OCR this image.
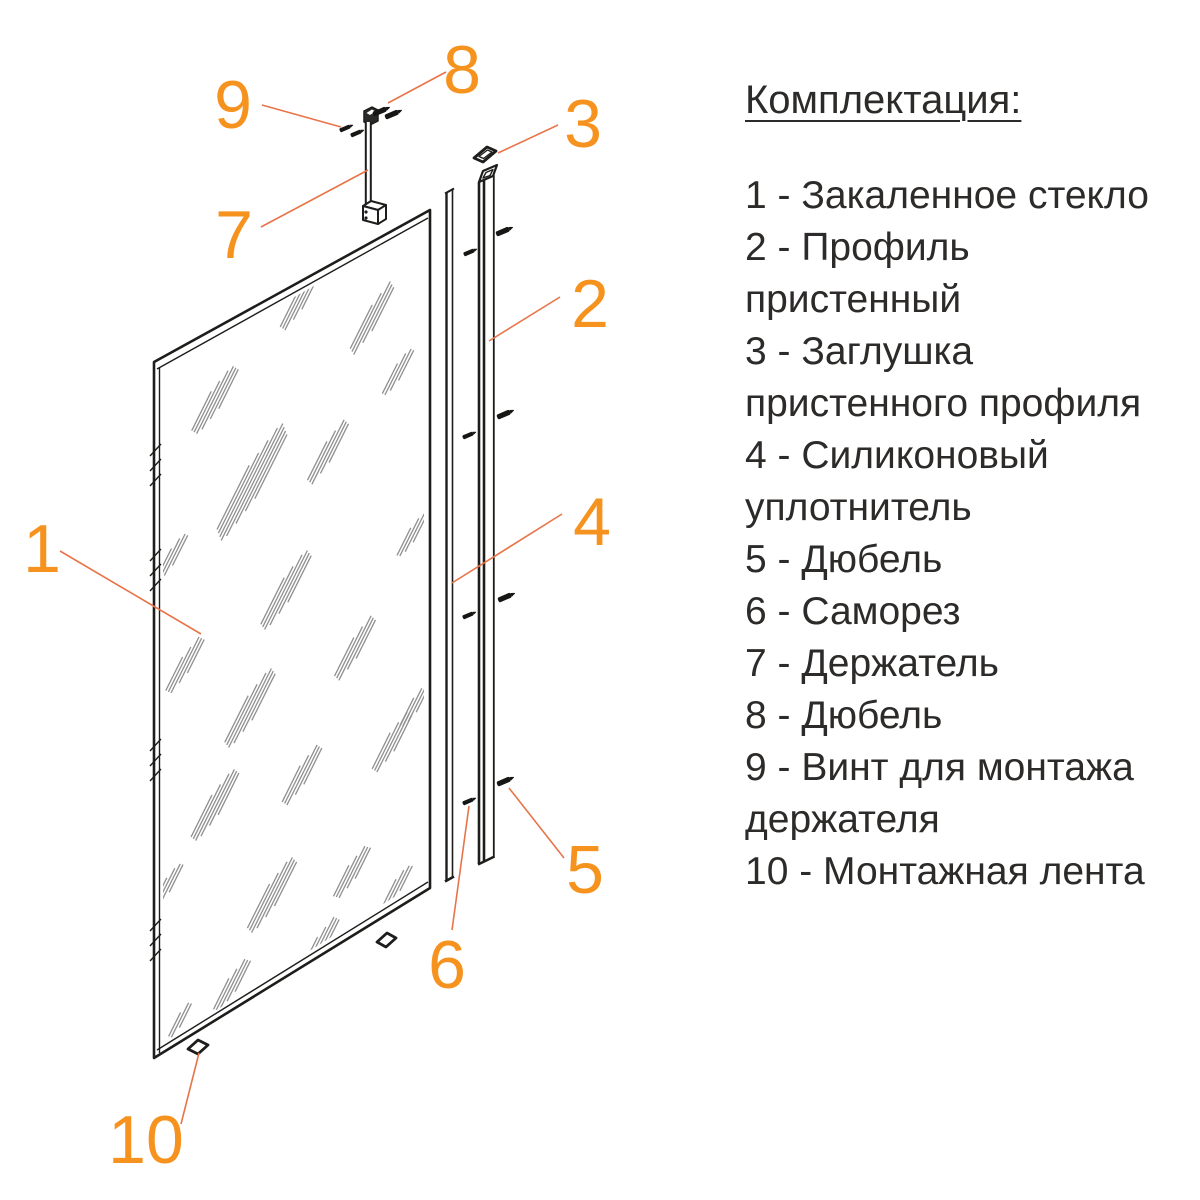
1
2
3
4
5
6
7
8
9
10
Комплектация:
1 - Закаленное стекло
2 - Профиль пристенный
3 - Заглушка пристенного профиля
4 - Силиконовый уплотнитель
5 - Дюбель
6 - Саморез
7 - Держатель
8 - Дюбель
9 - Винт для монтажа держателя
10 - Монтажная лента
